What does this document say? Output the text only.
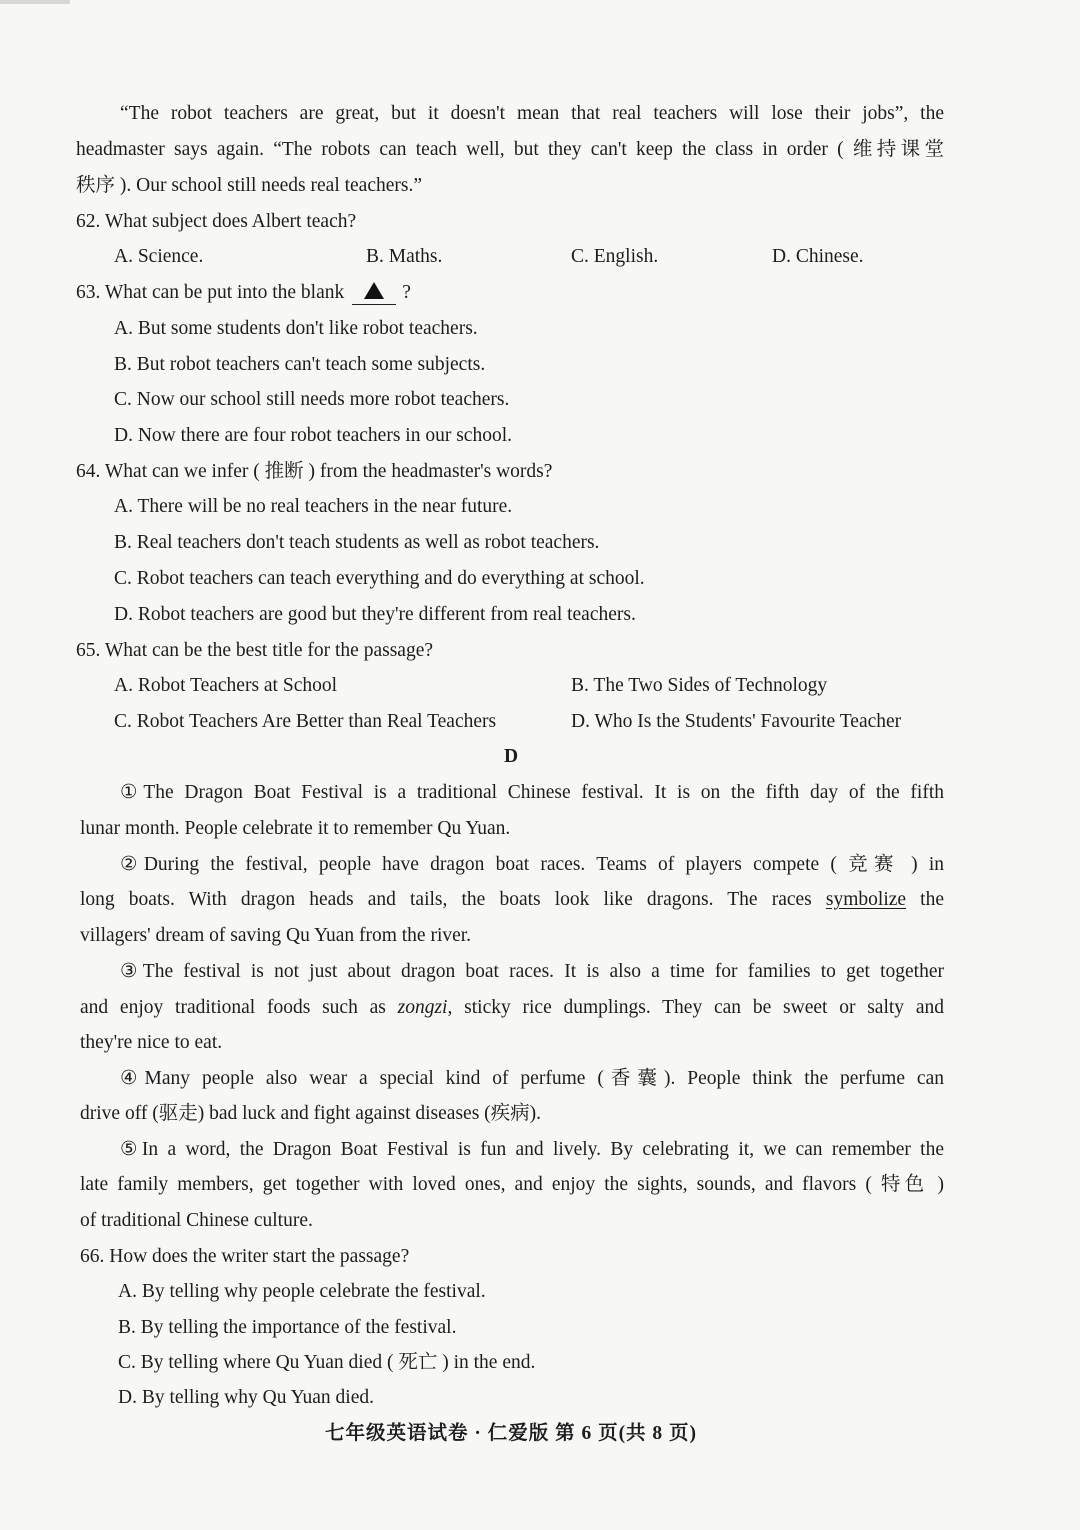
“The robot teachers are great, but it doesn't mean that real teachers will lose their jobs”, the
headmaster says again. “The robots can teach well, but they can't keep the class in order ( 维持课堂
秩序 ). Our school still needs real teachers.”
62. What subject does Albert teach?
A. Science.	B. Maths.	C. English.	D. Chinese.
63. What can be put into the blank	?
A. But some students don't like robot teachers.
B. But robot teachers can't teach some subjects.
C. Now our school still needs more robot teachers.
D. Now there are four robot teachers in our school.
64. What can we infer ( 推断 ) from the headmaster's words?
A. There will be no real teachers in the near future.
B. Real teachers don't teach students as well as robot teachers.
C. Robot teachers can teach everything and do everything at school.
D. Robot teachers are good but they're different from real teachers.
65. What can be the best title for the passage?
A. Robot Teachers at School	B. The Two Sides of Technology
C. Robot Teachers Are Better than Real Teachers	D. Who Is the Students' Favourite Teacher
D
①The Dragon Boat Festival is a traditional Chinese festival. It is on the fifth day of the fifth
lunar month. People celebrate it to remember Qu Yuan.
②During the festival, people have dragon boat races. Teams of players compete ( 竞赛 ) in
long boats. With dragon heads and tails, the boats look like dragons. The races symbolize the
villagers' dream of saving Qu Yuan from the river.
③The festival is not just about dragon boat races. It is also a time for families to get together
and enjoy traditional foods such as zongzi, sticky rice dumplings. They can be sweet or salty and
they're nice to eat.
④Many people also wear a special kind of perfume (香囊). People think the perfume can
drive off (驱走) bad luck and fight against diseases (疾病).
⑤In a word, the Dragon Boat Festival is fun and lively. By celebrating it, we can remember the
late family members, get together with loved ones, and enjoy the sights, sounds, and flavors ( 特色 )
of traditional Chinese culture.
66. How does the writer start the passage?
A. By telling why people celebrate the festival.
B. By telling the importance of the festival.
C. By telling where Qu Yuan died ( 死亡 ) in the end.
D. By telling why Qu Yuan died.
七年级英语试卷 · 仁爱版 第 6 页(共 8 页)
